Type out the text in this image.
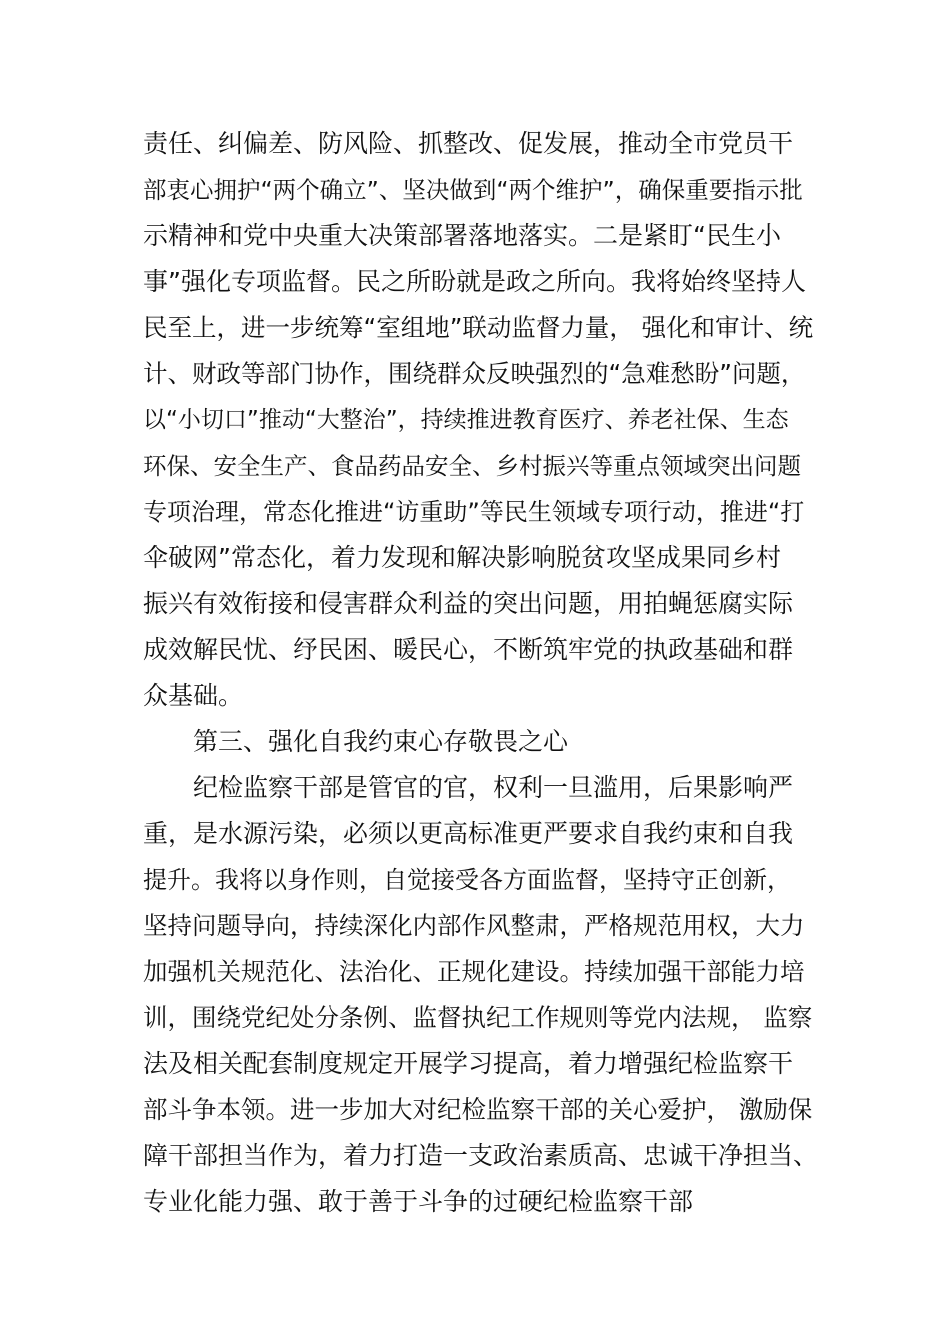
责任、纠偏差、防风险、抓整改、促发展，推动全市党员干
部衷心拥护“两个确立”、坚决做到“两个维护”，确保重要指示批
示精神和党中央重大决策部署落地落实。二是紧盯“民生小
事”强化专项监督。民之所盼就是政之所向。我将始终坚持人
民至上，进一步统筹“室组地”联动监督力量， 强化和审计、统
计、财政等部门协作，围绕群众反映强烈的“急难愁盼”问题，
以“小切口”推动“大整治”，持续推进教育医疗、养老社保、生态
环保、安全生产、食品药品安全、乡村振兴等重点领域突出问题
专项治理，常态化推进“访重助”等民生领域专项行动，推进“打
伞破网”常态化，着力发现和解决影响脱贫攻坚成果同乡村
振兴有效衔接和侵害群众利益的突出问题，用拍蝇惩腐实际
成效解民忧、纾民困、暖民心，不断筑牢党的执政基础和群
众基础。
第三、强化自我约束心存敬畏之心
纪检监察干部是管官的官，权利一旦滥用，后果影响严
重，是水源污染，必须以更高标准更严要求自我约束和自我
提升。我将以身作则，自觉接受各方面监督，坚持守正创新，
坚持问题导向，持续深化内部作风整肃，严格规范用权，大力
加强机关规范化、法治化、正规化建设。持续加强干部能力培
训，围绕党纪处分条例、监督执纪工作规则等党内法规， 监察
法及相关配套制度规定开展学习提高，着力增强纪检监察干
部斗争本领。进一步加大对纪检监察干部的关心爱护， 激励保
障干部担当作为，着力打造一支政治素质高、忠诚干净担当、
专业化能力强、敢于善于斗争的过硬纪检监察干部
